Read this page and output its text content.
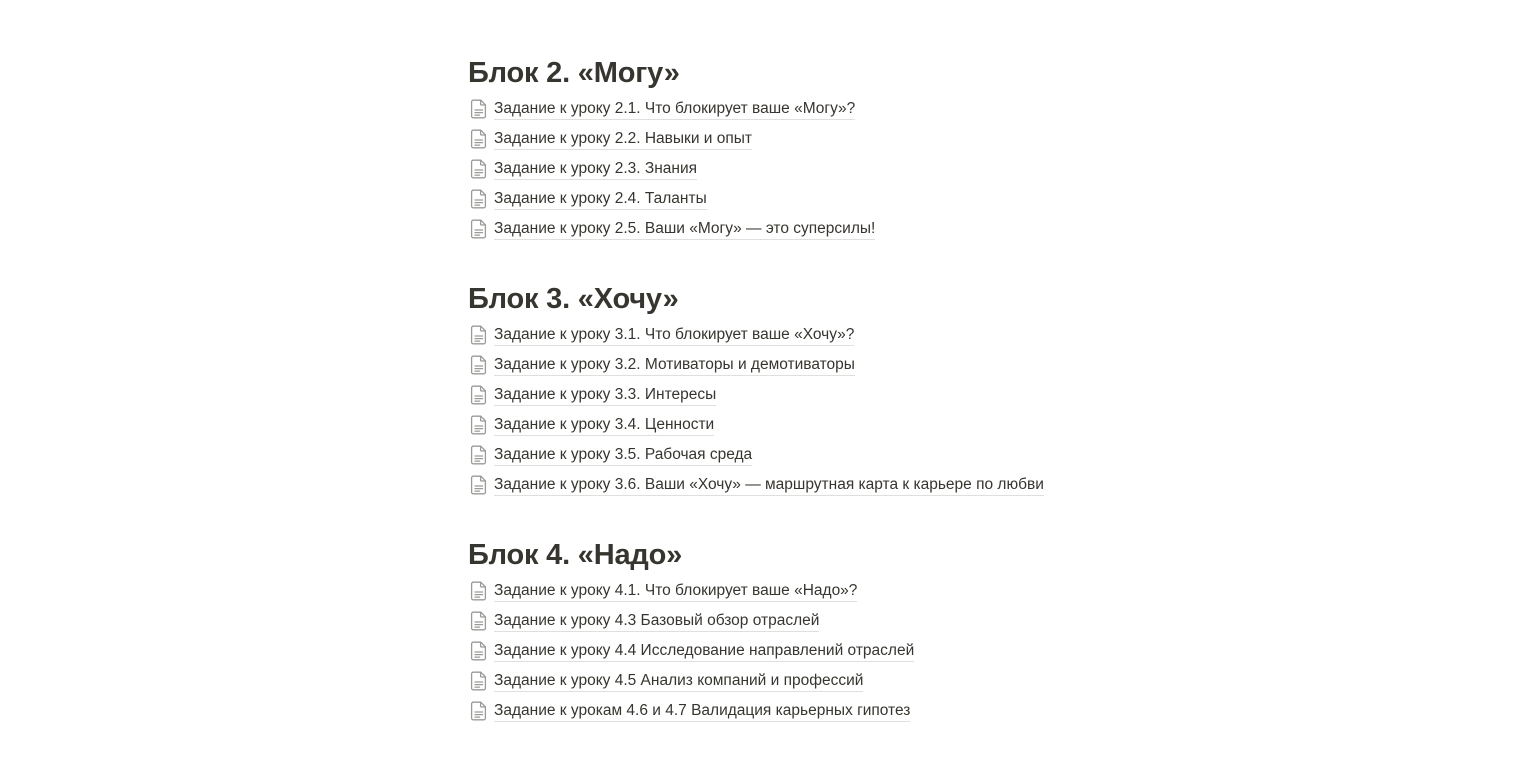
Блок 2. «Могу»
Задание к уроку 2.1. Что блокирует ваше «Могу»?
Задание к уроку 2.2. Навыки и опыт
Задание к уроку 2.3. Знания
Задание к уроку 2.4. Таланты
Задание к уроку 2.5. Ваши «Могу» — это суперсилы!
Блок 3. «Хочу»
Задание к уроку 3.1. Что блокирует ваше «Хочу»?
Задание к уроку 3.2. Мотиваторы и демотиваторы
Задание к уроку 3.3. Интересы
Задание к уроку 3.4. Ценности
Задание к уроку 3.5. Рабочая среда
Задание к уроку 3.6. Ваши «Хочу» — маршрутная карта к карьере по любви
Блок 4. «Надо»
Задание к уроку 4.1. Что блокирует ваше «Надо»?
Задание к уроку 4.3 Базовый обзор отраслей
Задание к уроку 4.4 Исследование направлений отраслей
Задание к уроку 4.5 Анализ компаний и профессий
Задание к урокам 4.6 и 4.7 Валидация карьерных гипотез
